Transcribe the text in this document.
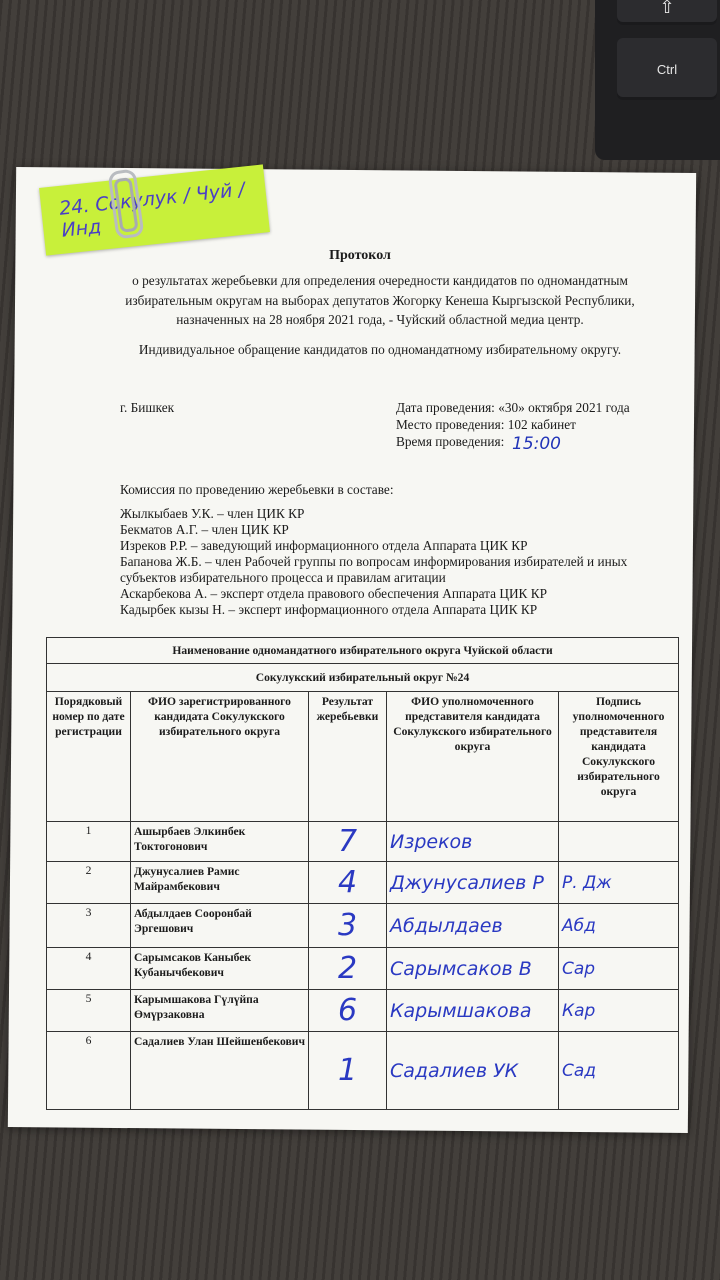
⇧
Ctrl
24. Сокулук / Чуй / Инд
Протокол
о результатах жеребьевки для определения очередности кандидатов по одномандатным
избирательным округам на выборах депутатов Жогорку Кенеша Кыргызской Республики,
назначенных на 28 ноября 2021 года, - Чуйский областной медиа центр.
Индивидуальное обращение кандидатов по одномандатному избирательному округу.
г. Бишкек	Дата проведения: «30» октября 2021 года
Место проведения: 102 кабинет
Время проведения: 15:00
Комиссия по проведению жеребьевки в составе:
Жылкыбаев У.К. – член ЦИК КР
Бекматов А.Г. – член ЦИК КР
Изреков Р.Р. – заведующий информационного отдела Аппарата ЦИК КР
Бапанова Ж.Б. – член Рабочей группы по вопросам информирования избирателей и иных
субъектов избирательного процесса и правилам агитации
Аскарбекова А. – эксперт отдела правового обеспечения Аппарата ЦИК КР
Кадырбек кызы Н. – эксперт информационного отдела Аппарата ЦИК КР
Наименование одномандатного избирательного округа Чуйской области				
Сокулукский избирательный округ №24				
Порядковый номер по дате регистрации	ФИО зарегистрированного кандидата Сокулукского избирательного округа	Результат жеребьевки	ФИО уполномоченного представителя кандидата Сокулукского избирательного округа	Подпись уполномоченного представителя кандидата Сокулукского избирательного округа
1	Ашырбаев Элкинбек Токтогонович	7	Изреков	
2	Джунусалиев Рамис Майрамбекович	4	Джунусалиев Р	Р. Дж
3	Абдылдаев Сооронбай Эргешович	3	Абдылдаев	Абд
4	Сарымсаков Каныбек Кубанычбекович	2	Сарымсаков В	Сар
5	Карымшакова Гүлүйпа Өмүрзаковна	6	Карымшакова	Кар
6	Садалиев Улан Шейшенбекович	1	Садалиев УК	Сад
